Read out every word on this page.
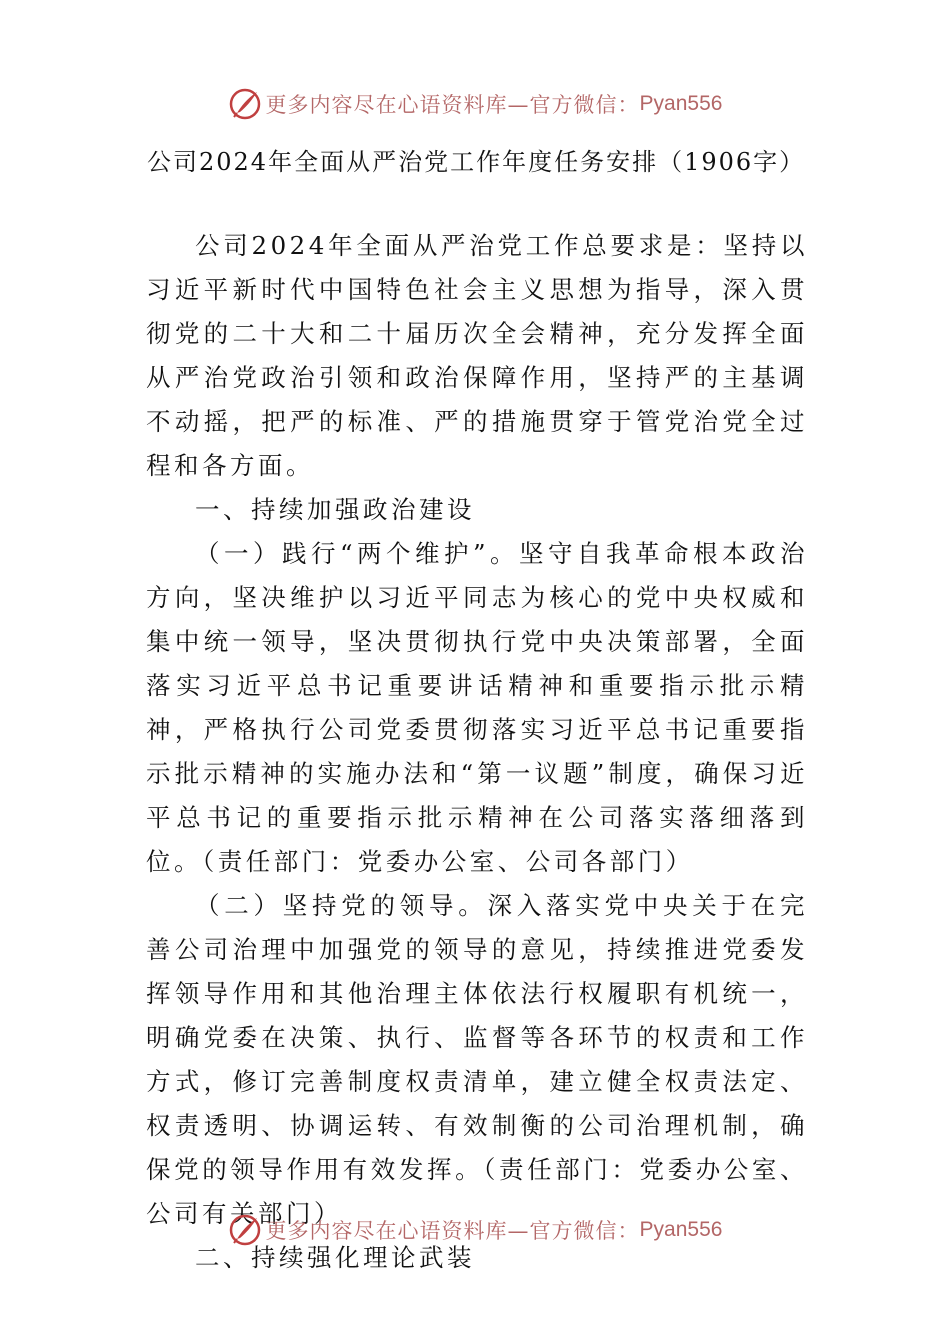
更多内容尽在心语资料库—官方微信： Pyan556
公司2024年全面从严治党工作年度任务安排（1906字）

公司2024年全面从严治党工作总要求是：坚持以习近平新时代中国特色社会主义思想为指导，深入贯彻党的二十大和二十届历次全会精神，充分发挥全面从严治党政治引领和政治保障作用，坚持严的主基调不动摇，把严的标准、严的措施贯穿于管党治党全过程和各方面。

一、持续加强政治建设

（一）践行“两个维护”。坚守自我革命根本政治方向，坚决维护以习近平同志为核心的党中央权威和集中统一领导，坚决贯彻执行党中央决策部署，全面落实习近平总书记重要讲话精神和重要指示批示精神，严格执行公司党委贯彻落实习近平总书记重要指示批示精神的实施办法和“第一议题”制度，确保习近平总书记的重要指示批示精神在公司落实落细落到位。（责任部门：党委办公室、公司各部门）

（二）坚持党的领导。深入落实党中央关于在完善公司治理中加强党的领导的意见，持续推进党委发挥领导作用和其他治理主体依法行权履职有机统一，明确党委在决策、执行、监督等各环节的权责和工作方式，修订完善制度权责清单，建立健全权责法定、权责透明、协调运转、有效制衡的公司治理机制，确保党的领导作用有效发挥。（责任部门：党委办公室、公司有关部门）

二、持续强化理论武装

更多内容尽在心语资料库—官方微信： Pyan556
